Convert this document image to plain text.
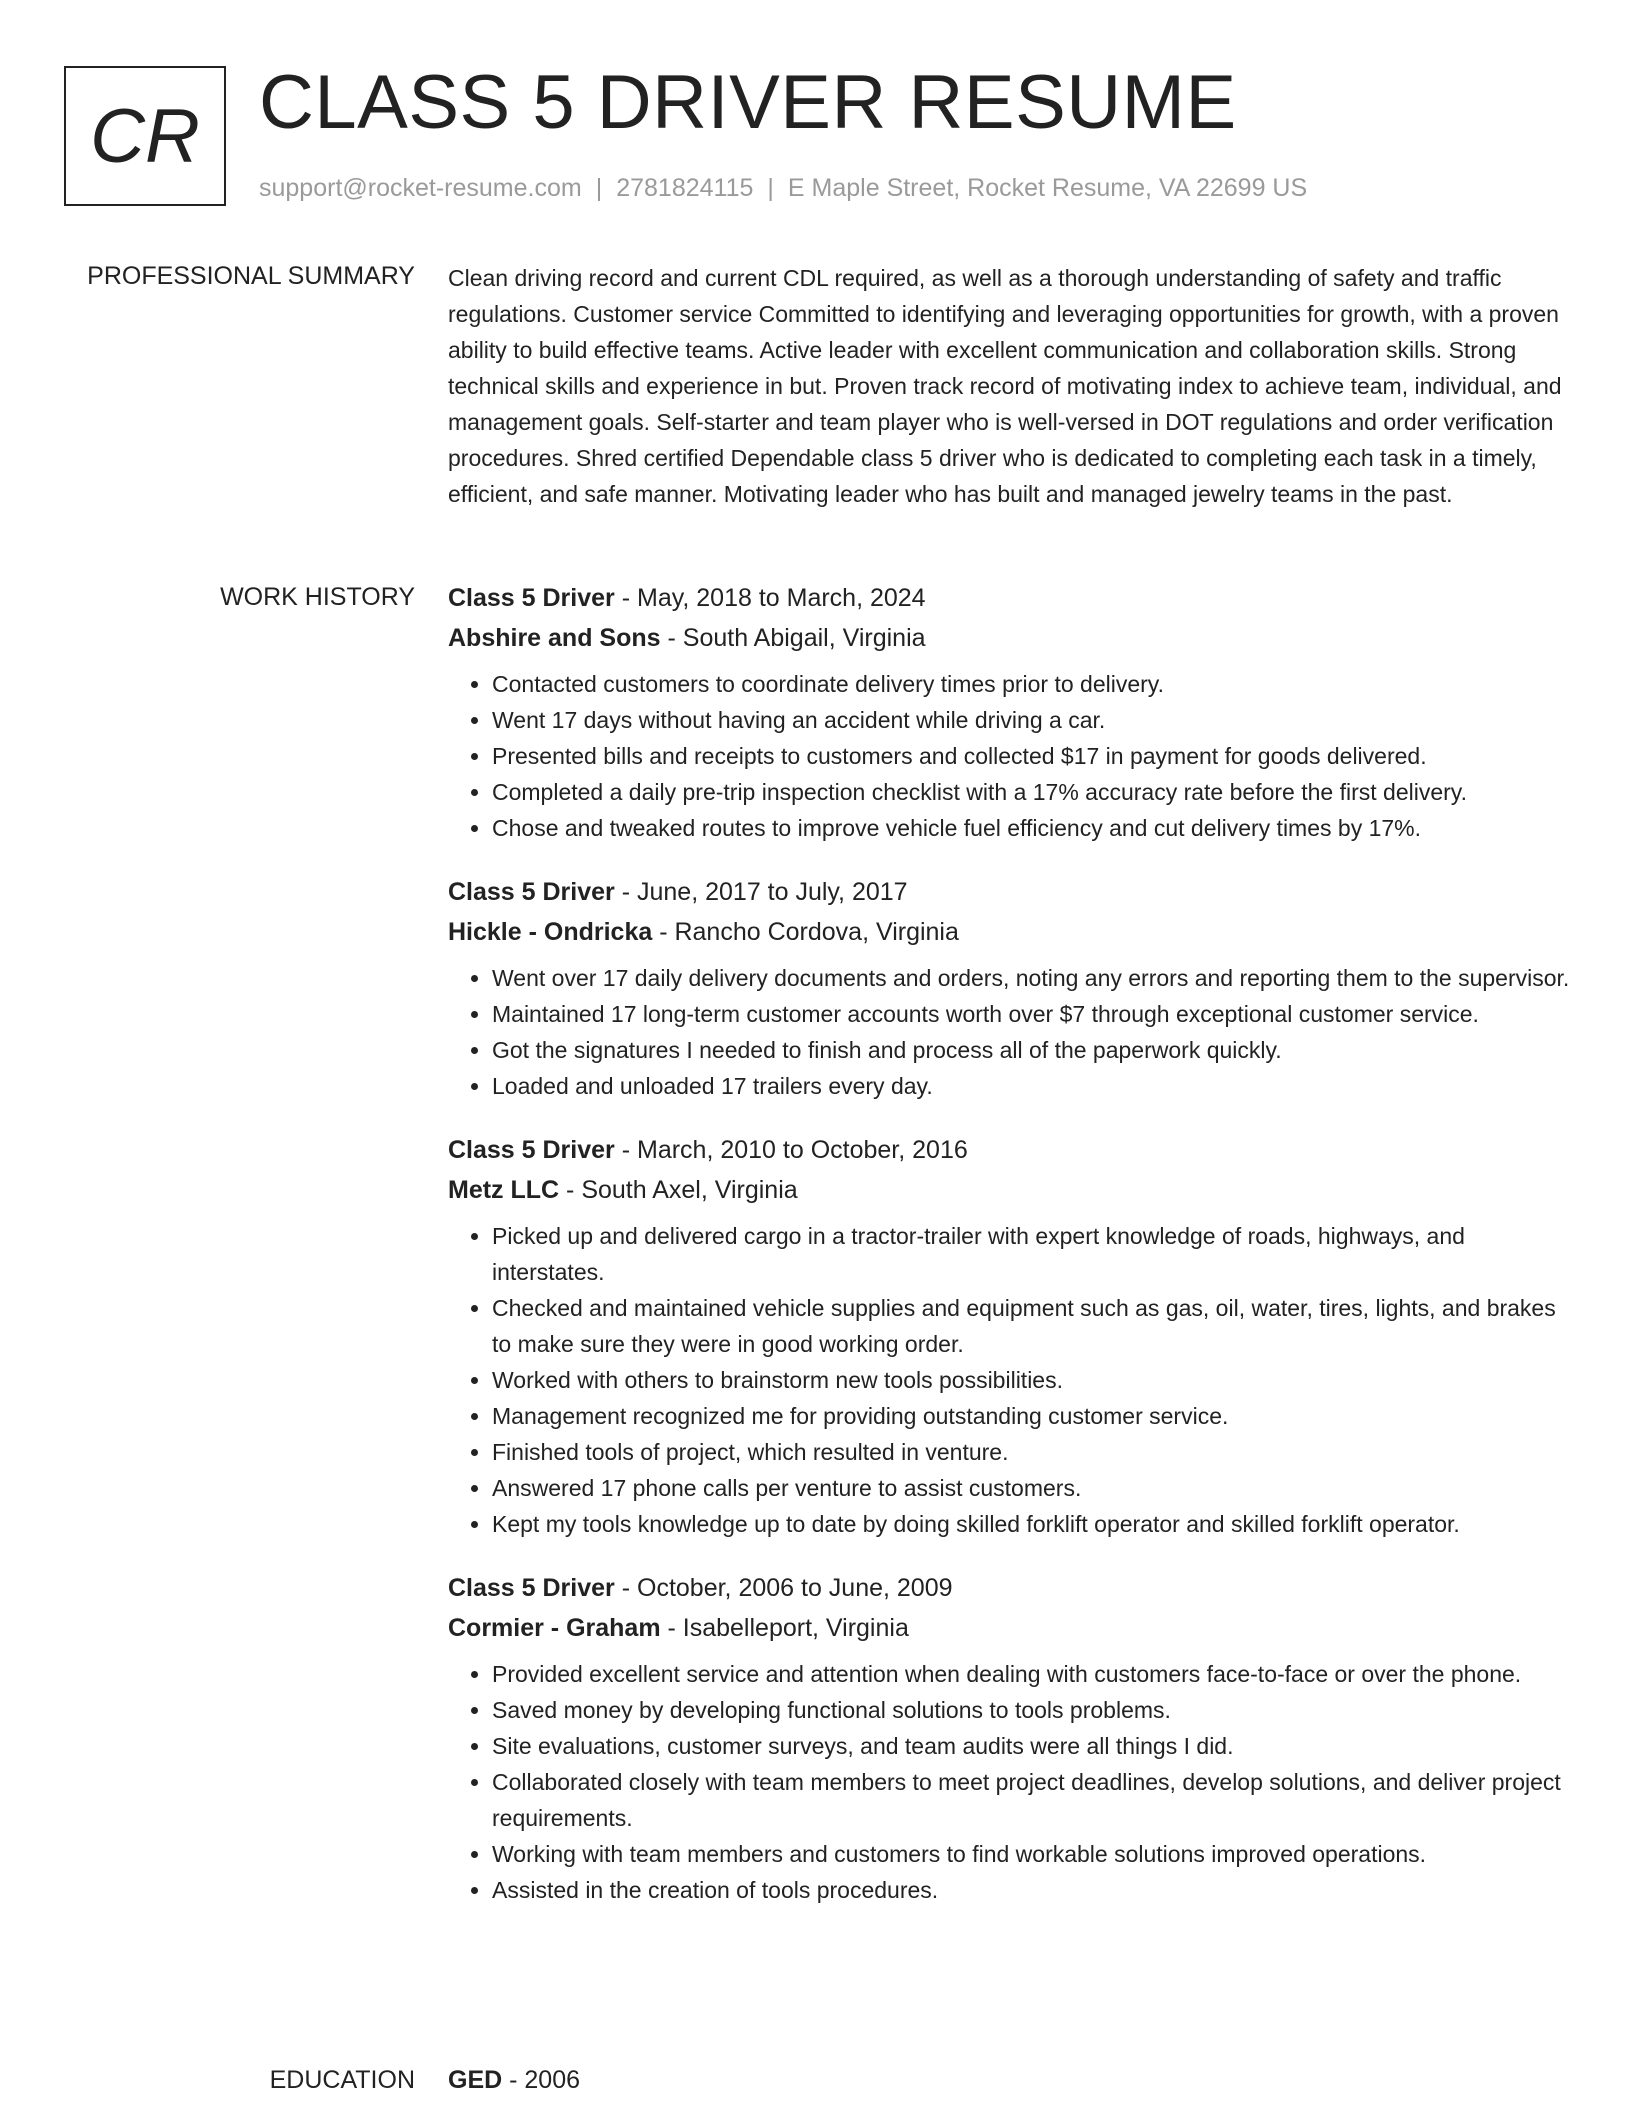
CR CLASS 5 DRIVER RESUME
support@rocket-resume.com | 2781824115 | E Maple Street, Rocket Resume, VA 22699 US
PROFESSIONAL SUMMARY Clean driving record and current CDL required, as well as a thorough understanding of safety and traffic regulations. Customer service Committed to identifying and leveraging opportunities for growth, with a proven ability to build effective teams. Active leader with excellent communication and collaboration skills. Strong technical skills and experience in but. Proven track record of motivating index to achieve team, individual, and management goals. Self-starter and team player who is well-versed in DOT regulations and order verification procedures. Shred certified Dependable class 5 driver who is dedicated to completing each task in a timely, efficient, and safe manner. Motivating leader who has built and managed jewelry teams in the past.

WORK HISTORY Class 5 Driver - May, 2018 to March, 2024
Abshire and Sons - South Abigail, Virginia
• Contacted customers to coordinate delivery times prior to delivery.
• Went 17 days without having an accident while driving a car.
• Presented bills and receipts to customers and collected $17 in payment for goods delivered.
• Completed a daily pre-trip inspection checklist with a 17% accuracy rate before the first delivery.
• Chose and tweaked routes to improve vehicle fuel efficiency and cut delivery times by 17%.
Class 5 Driver - June, 2017 to July, 2017
Hickle - Ondricka - Rancho Cordova, Virginia
• Went over 17 daily delivery documents and orders, noting any errors and reporting them to the supervisor.
• Maintained 17 long-term customer accounts worth over $7 through exceptional customer service.
• Got the signatures I needed to finish and process all of the paperwork quickly.
• Loaded and unloaded 17 trailers every day.
Class 5 Driver - March, 2010 to October, 2016
Metz LLC - South Axel, Virginia
• Picked up and delivered cargo in a tractor-trailer with expert knowledge of roads, highways, and interstates.
• Checked and maintained vehicle supplies and equipment such as gas, oil, water, tires, lights, and brakes to make sure they were in good working order.
• Worked with others to brainstorm new tools possibilities.
• Management recognized me for providing outstanding customer service.
• Finished tools of project, which resulted in venture.
• Answered 17 phone calls per venture to assist customers.
• Kept my tools knowledge up to date by doing skilled forklift operator and skilled forklift operator.
Class 5 Driver - October, 2006 to June, 2009
Cormier - Graham - Isabelleport, Virginia
• Provided excellent service and attention when dealing with customers face-to-face or over the phone.
• Saved money by developing functional solutions to tools problems.
• Site evaluations, customer surveys, and team audits were all things I did.
• Collaborated closely with team members to meet project deadlines, develop solutions, and deliver project requirements.
• Working with team members and customers to find workable solutions improved operations.
• Assisted in the creation of tools procedures.
EDUCATION GED - 2006
